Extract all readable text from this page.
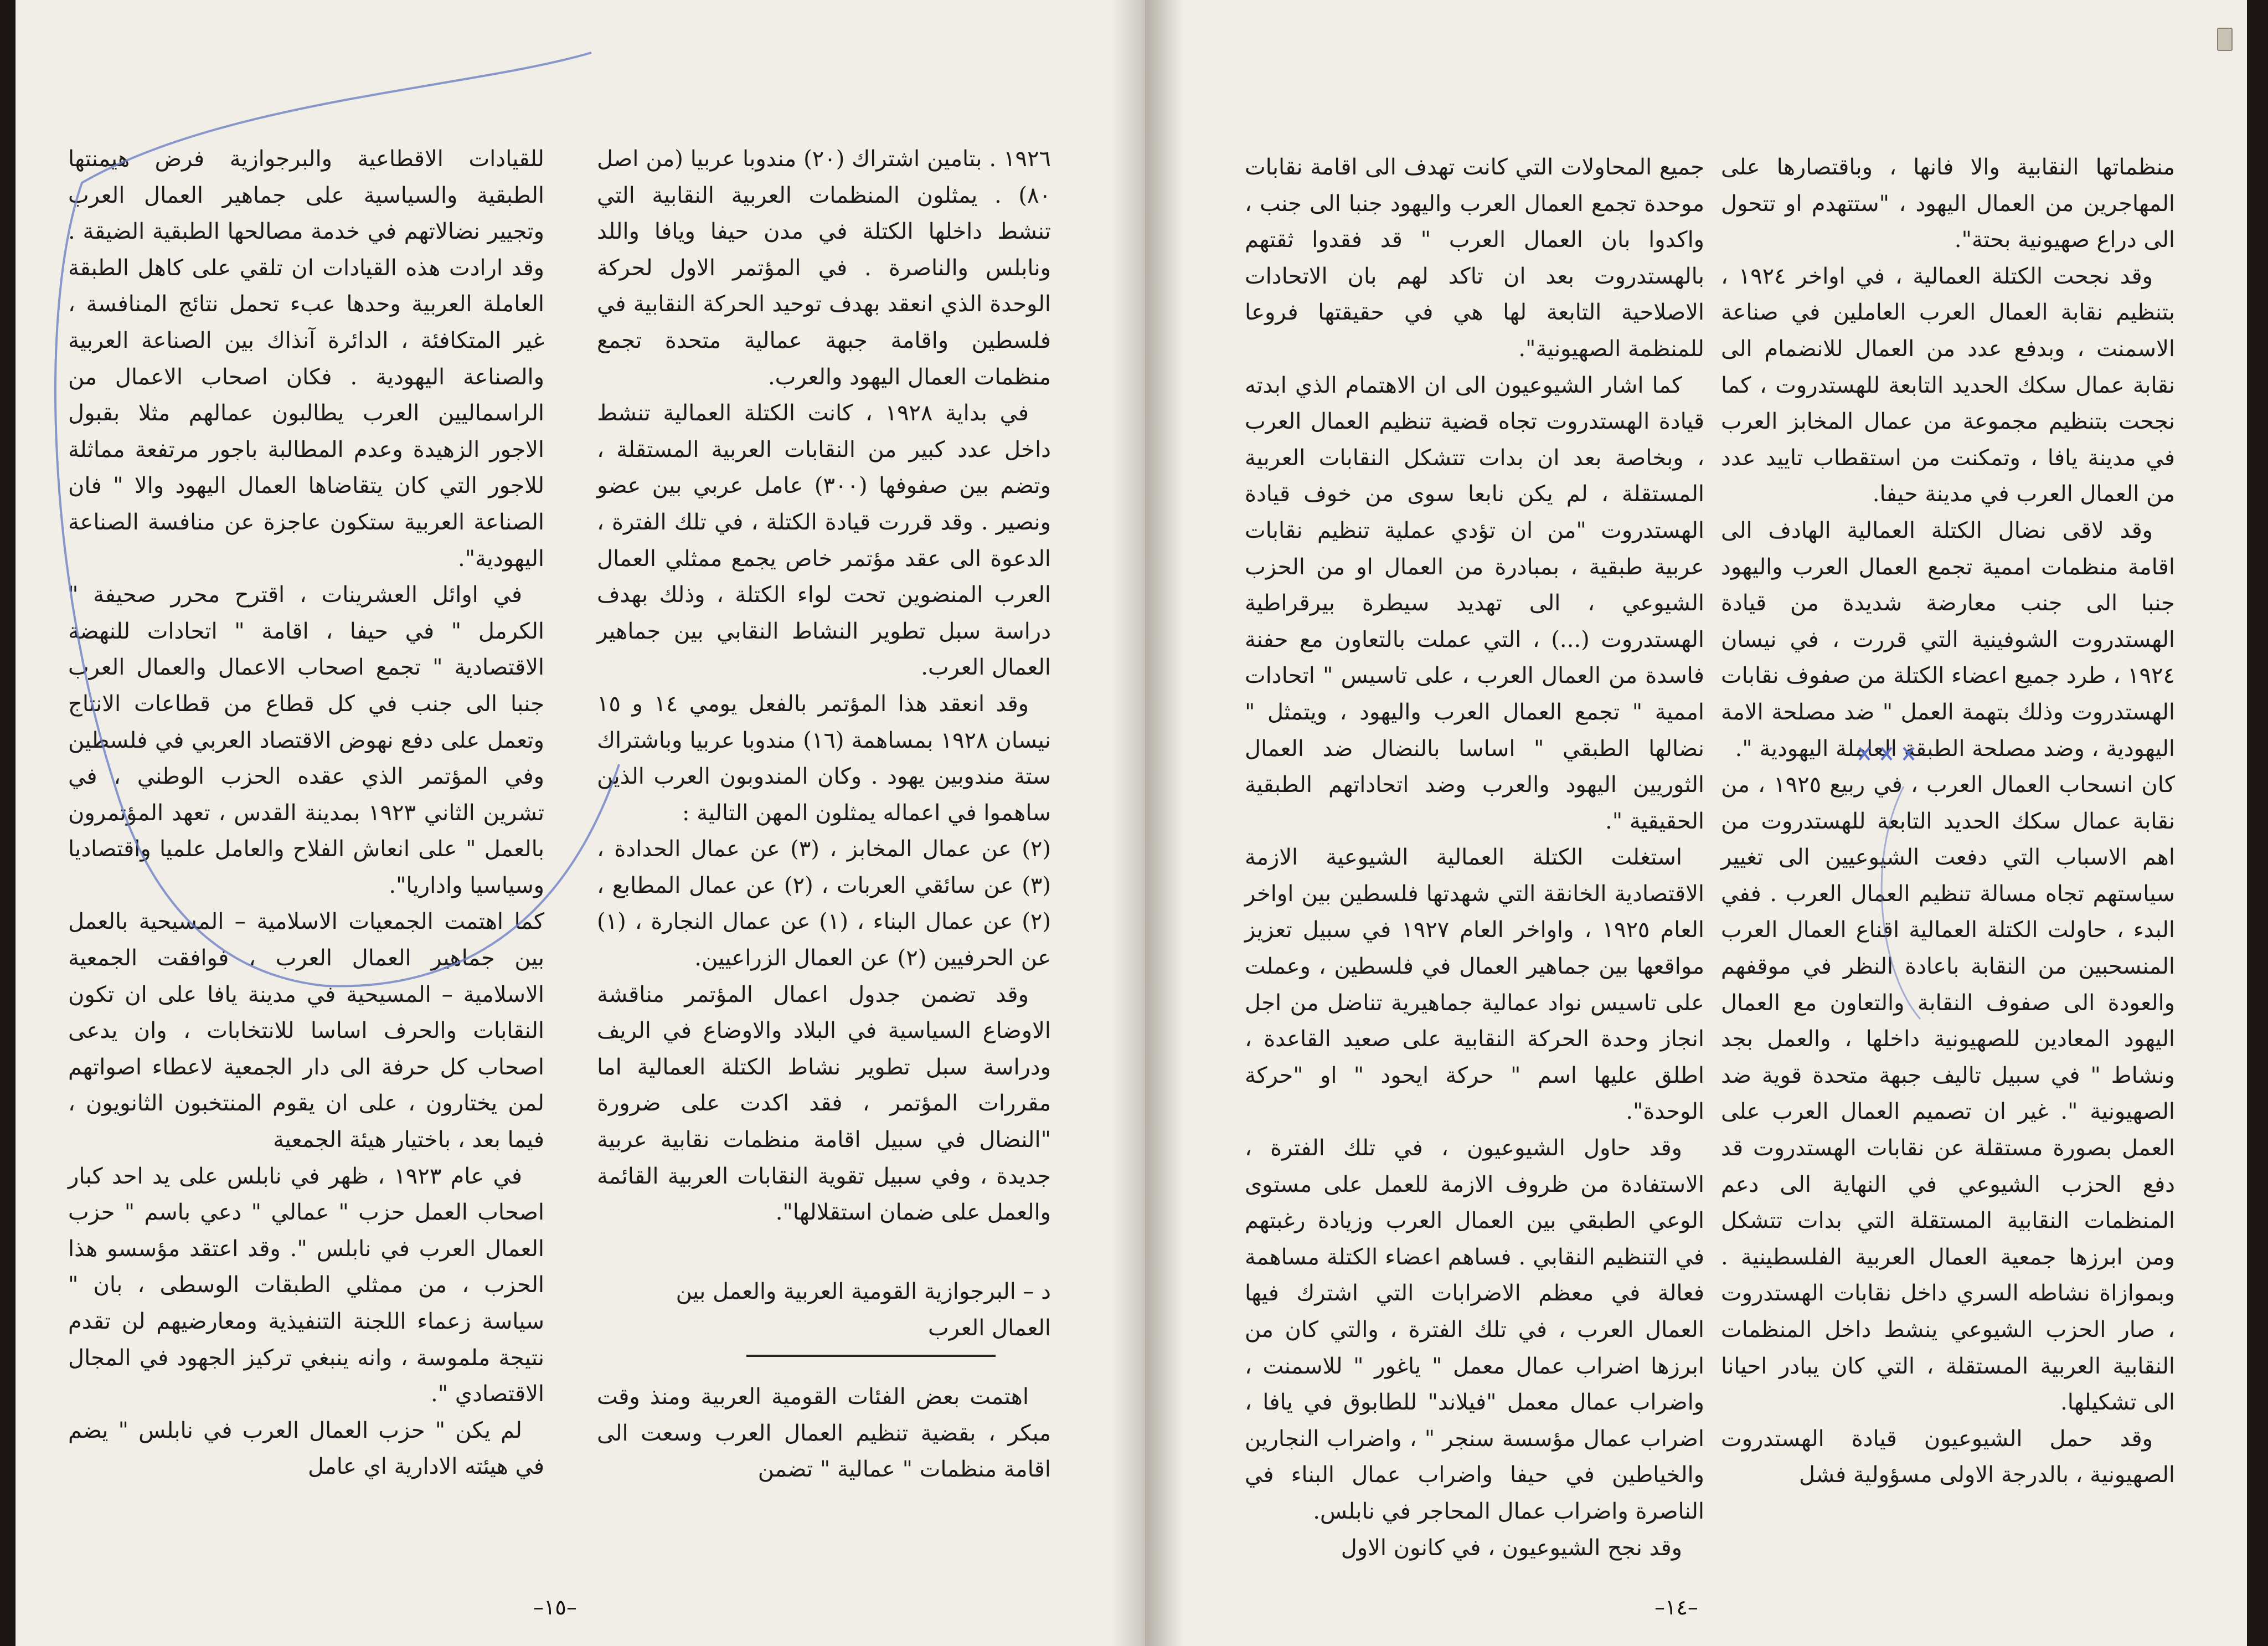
١٩٢٦ . بتامين اشتراك (٢٠) مندوبا عربيا (من اصل ٨٠) . يمثلون المنظمات العربية النقابية التي تنشط داخلها الكتلة في مدن حيفا ويافا واللد ونابلس والناصرة . في المؤتمر الاول لحركة الوحدة الذي انعقد بهدف توحيد الحركة النقابية في فلسطين واقامة جبهة عمالية متحدة تجمع منظمات العمال اليهود والعرب.

في بداية ١٩٢٨ ، كانت الكتلة العمالية تنشط داخل عدد كبير من النقابات العربية المستقلة ، وتضم بين صفوفها (٣٠٠) عامل عربي بين عضو ونصير . وقد قررت قيادة الكتلة ، في تلك الفترة ، الدعوة الى عقد مؤتمر خاص يجمع ممثلي العمال العرب المنضوين تحت لواء الكتلة ، وذلك بهدف دراسة سبل تطوير النشاط النقابي بين جماهير العمال العرب.

وقد انعقد هذا المؤتمر بالفعل يومي ١٤ و ١٥ نيسان ١٩٢٨ بمساهمة (١٦) مندوبا عربيا وباشتراك ستة مندوبين يهود . وكان المندوبون العرب الذين ساهموا في اعماله يمثلون المهن التالية :

(٢) عن عمال المخابز ، (٣) عن عمال الحدادة ، (٣) عن سائقي العربات ، (٢) عن عمال المطابع ، (٢) عن عمال البناء ، (١) عن عمال النجارة ، (١) عن الحرفيين (٢) عن العمال الزراعيين.

وقد تضمن جدول اعمال المؤتمر مناقشة الاوضاع السياسية في البلاد والاوضاع في الريف ودراسة سبل تطوير نشاط الكتلة العمالية اما مقررات المؤتمر ، فقد اكدت على ضرورة "النضال في سبيل اقامة منظمات نقابية عربية جديدة ، وفي سبيل تقوية النقابات العربية القائمة والعمل على ضمان استقلالها".

د – البرجوازية القومية العربية والعمل بين العمال العرب

اهتمت بعض الفئات القومية العربية ومنذ وقت مبكر ، بقضية تنظيم العمال العرب وسعت الى اقامة منظمات " عمالية " تضمن

للقيادات الاقطاعية والبرجوازية فرض هيمنتها الطبقية والسياسية على جماهير العمال العرب وتجيير نضالاتهم في خدمة مصالحها الطبقية الضيقة . وقد ارادت هذه القيادات ان تلقي على كاهل الطبقة العاملة العربية وحدها عبء تحمل نتائج المنافسة ، غير المتكافئة ، الدائرة آنذاك بين الصناعة العربية والصناعة اليهودية . فكان اصحاب الاعمال من الراسماليين العرب يطالبون عمالهم مثلا بقبول الاجور الزهيدة وعدم المطالبة باجور مرتفعة مماثلة للاجور التي كان يتقاضاها العمال اليهود والا " فان الصناعة العربية ستكون عاجزة عن منافسة الصناعة اليهودية".

في اوائل العشرينات ، اقترح محرر صحيفة " الكرمل " في حيفا ، اقامة " اتحادات للنهضة الاقتصادية " تجمع اصحاب الاعمال والعمال العرب جنبا الى جنب في كل قطاع من قطاعات الانتاج وتعمل على دفع نهوض الاقتصاد العربي في فلسطين وفي المؤتمر الذي عقده الحزب الوطني ، في تشرين الثاني ١٩٢٣ بمدينة القدس ، تعهد المؤتمرون بالعمل " على انعاش الفلاح والعامل علميا واقتصاديا وسياسيا واداريا".

كما اهتمت الجمعيات الاسلامية – المسيحية بالعمل بين جماهير العمال العرب ، فوافقت الجمعية الاسلامية – المسيحية في مدينة يافا على ان تكون النقابات والحرف اساسا للانتخابات ، وان يدعى اصحاب كل حرفة الى دار الجمعية لاعطاء اصواتهم لمن يختارون ، على ان يقوم المنتخبون الثانويون ، فيما بعد ، باختيار هيئة الجمعية

في عام ١٩٢٣ ، ظهر في نابلس على يد احد كبار اصحاب العمل حزب " عمالي " دعي باسم " حزب العمال العرب في نابلس ". وقد اعتقد مؤسسو هذا الحزب ، من ممثلي الطبقات الوسطى ، بان " سياسة زعماء اللجنة التنفيذية ومعارضيهم لن تقدم نتيجة ملموسة ، وانه ينبغي تركيز الجهود في المجال الاقتصادي ".

لم يكن " حزب العمال العرب في نابلس " يضم في هيئته الادارية اي عامل

–١٥–

منظماتها النقابية والا فانها ، وباقتصارها على المهاجرين من العمال اليهود ، "ستتهدم او تتحول الى دراع صهيونية بحتة".

وقد نجحت الكتلة العمالية ، في اواخر ١٩٢٤ ، بتنظيم نقابة العمال العرب العاملين في صناعة الاسمنت ، وبدفع عدد من العمال للانضمام الى نقابة عمال سكك الحديد التابعة للهستدروت ، كما نجحت بتنظيم مجموعة من عمال المخابز العرب في مدينة يافا ، وتمكنت من استقطاب تاييد عدد من العمال العرب في مدينة حيفا.

وقد لاقى نضال الكتلة العمالية الهادف الى اقامة منظمات اممية تجمع العمال العرب واليهود جنبا الى جنب معارضة شديدة من قيادة الهستدروت الشوفينية التي قررت ، في نيسان ١٩٢٤ ، طرد جميع اعضاء الكتلة من صفوف نقابات الهستدروت وذلك بتهمة العمل " ضد مصلحة الامة اليهودية ، وضد مصلحة الطبقة العاملة اليهودية ".

كان انسحاب العمال العرب ، في ربيع ١٩٢٥ ، من نقابة عمال سكك الحديد التابعة للهستدروت من اهم الاسباب التي دفعت الشيوعيين الى تغيير سياستهم تجاه مسالة تنظيم العمال العرب . ففي البدء ، حاولت الكتلة العمالية اقناع العمال العرب المنسحبين من النقابة باعادة النظر في موقفهم والعودة الى صفوف النقابة والتعاون مع العمال اليهود المعادين للصهيونية داخلها ، والعمل بجد ونشاط " في سبيل تاليف جبهة متحدة قوية ضد الصهيونية ". غير ان تصميم العمال العرب على العمل بصورة مستقلة عن نقابات الهستدروت قد دفع الحزب الشيوعي في النهاية الى دعم المنظمات النقابية المستقلة التي بدات تتشكل ومن ابرزها جمعية العمال العربية الفلسطينية . وبموازاة نشاطه السري داخل نقابات الهستدروت ، صار الحزب الشيوعي ينشط داخل المنظمات النقابية العربية المستقلة ، التي كان يبادر احيانا الى تشكيلها.

وقد حمل الشيوعيون قيادة الهستدروت الصهيونية ، بالدرجة الاولى مسؤولية فشل

جميع المحاولات التي كانت تهدف الى اقامة نقابات موحدة تجمع العمال العرب واليهود جنبا الى جنب ، واكدوا بان العمال العرب " قد فقدوا ثقتهم بالهستدروت بعد ان تاكد لهم بان الاتحادات الاصلاحية التابعة لها هي في حقيقتها فروعا للمنظمة الصهيونية".

كما اشار الشيوعيون الى ان الاهتمام الذي ابدته قيادة الهستدروت تجاه قضية تنظيم العمال العرب ، وبخاصة بعد ان بدات تتشكل النقابات العربية المستقلة ، لم يكن نابعا سوى من خوف قيادة الهستدروت "من ان تؤدي عملية تنظيم نقابات عربية طبقية ، بمبادرة من العمال او من الحزب الشيوعي ، الى تهديد سيطرة بيرقراطية الهستدروت (...) ، التي عملت بالتعاون مع حفنة فاسدة من العمال العرب ، على تاسيس " اتحادات اممية " تجمع العمال العرب واليهود ، ويتمثل " نضالها الطبقي " اساسا بالنضال ضد العمال الثوريين اليهود والعرب وضد اتحاداتهم الطبقية الحقيقية ".

استغلت الكتلة العمالية الشيوعية الازمة الاقتصادية الخانقة التي شهدتها فلسطين بين اواخر العام ١٩٢٥ ، واواخر العام ١٩٢٧ في سبيل تعزيز مواقعها بين جماهير العمال في فلسطين ، وعملت على تاسيس نواد عمالية جماهيرية تناضل من اجل انجاز وحدة الحركة النقابية على صعيد القاعدة ، اطلق عليها اسم " حركة ايحود " او "حركة الوحدة".

وقد حاول الشيوعيون ، في تلك الفترة ، الاستفادة من ظروف الازمة للعمل على مستوى الوعي الطبقي بين العمال العرب وزيادة رغبتهم في التنظيم النقابي . فساهم اعضاء الكتلة مساهمة فعالة في معظم الاضرابات التي اشترك فيها العمال العرب ، في تلك الفترة ، والتي كان من ابرزها اضراب عمال معمل " ياغور " للاسمنت ، واضراب عمال معمل "فيلاند" للطابوق في يافا ، اضراب عمال مؤسسة سنجر " ، واضراب النجارين والخياطين في حيفا واضراب عمال البناء في الناصرة واضراب عمال المحاجر في نابلس.

وقد نجح الشيوعيون ، في كانون الاول

–١٤–
